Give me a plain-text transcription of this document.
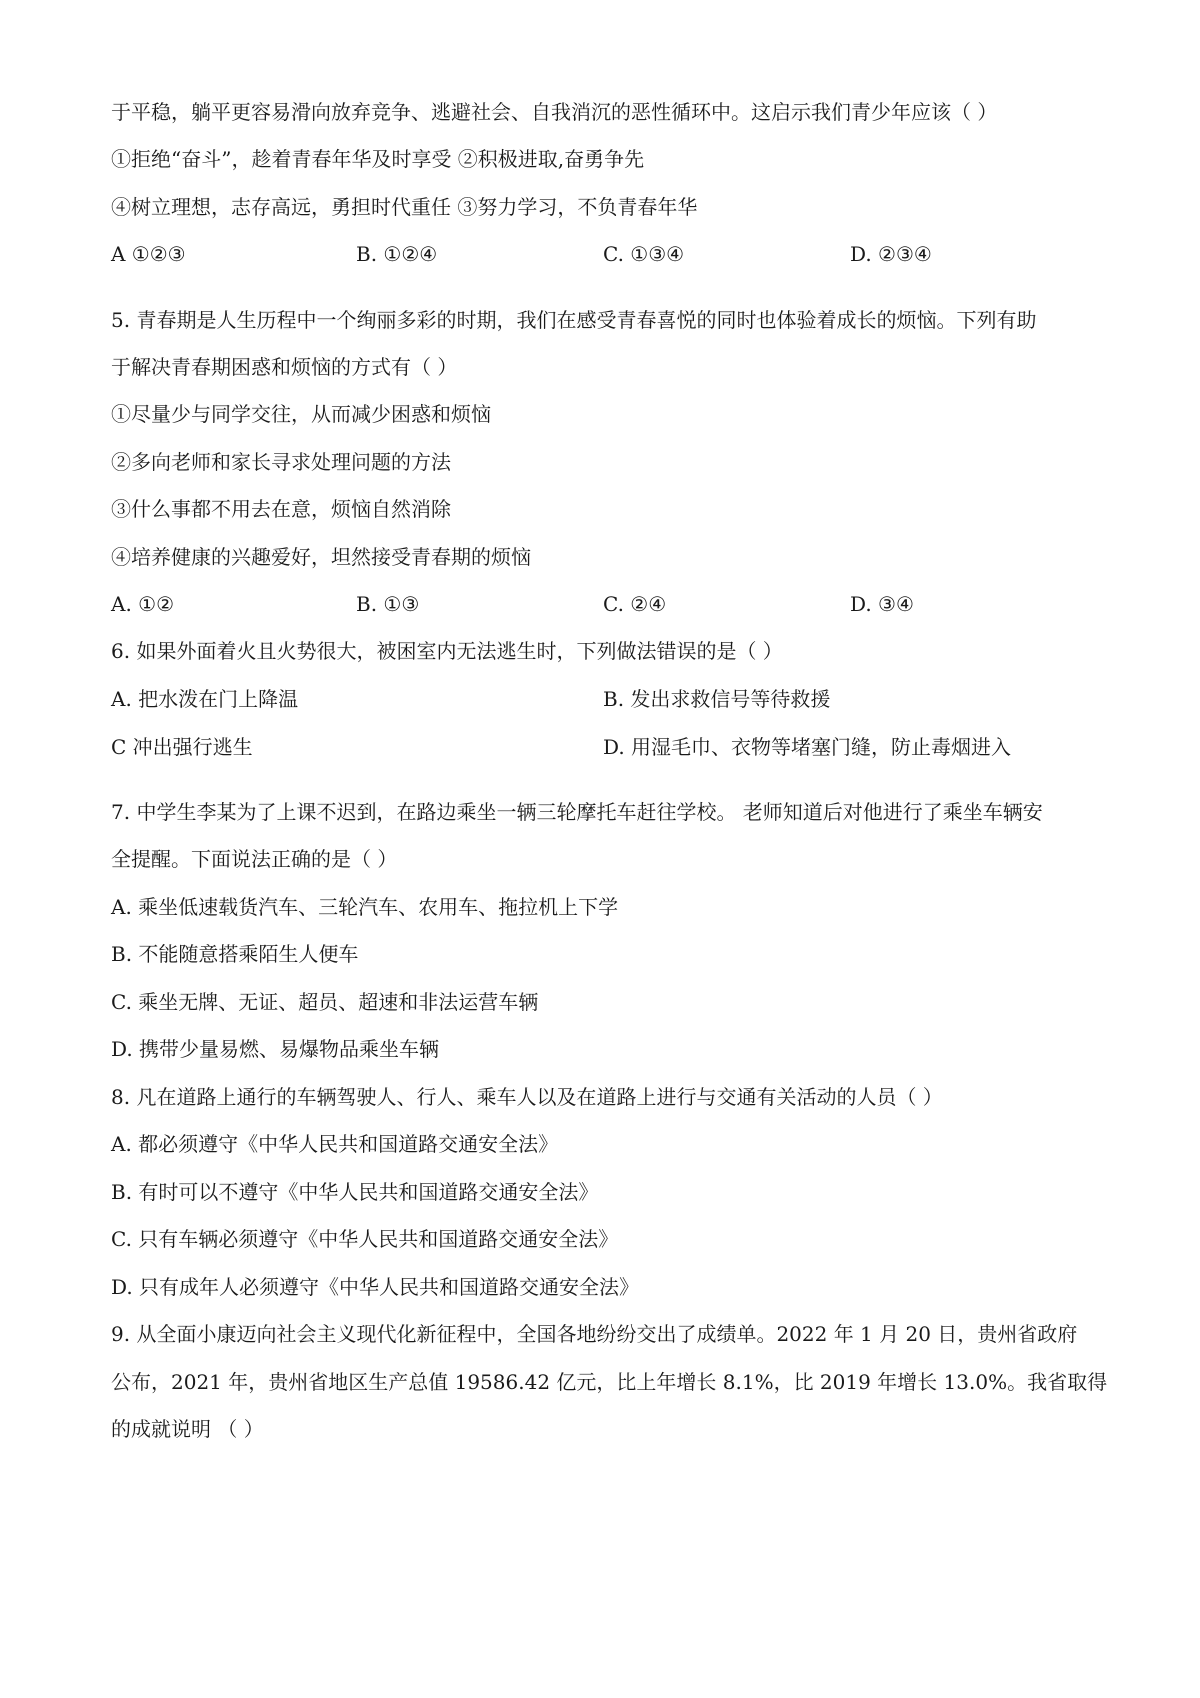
于平稳，躺平更容易滑向放弃竞争、逃避社会、自我消沉的恶性循环中。这启示我们青少年应该（ ）
①拒绝“奋斗”，趁着青春年华及时享受 ②积极进取,奋勇争先
④树立理想，志存高远，勇担时代重任 ③努力学习，不负青春年华
A ①②③	B. ①②④	C. ①③④	D. ②③④
5. 青春期是人生历程中一个绚丽多彩的时期，我们在感受青春喜悦的同时也体验着成长的烦恼。下列有助
于解决青春期困惑和烦恼的方式有（ ）
①尽量少与同学交往，从而减少困惑和烦恼
②多向老师和家长寻求处理问题的方法
③什么事都不用去在意，烦恼自然消除
④培养健康的兴趣爱好，坦然接受青春期的烦恼
A. ①②	B. ①③	C. ②④	D. ③④
6. 如果外面着火且火势很大，被困室内无法逃生时，下列做法错误的是（ ）
A. 把水泼在门上降温	B. 发出求救信号等待救援
C 冲出强行逃生	D. 用湿毛巾、衣物等堵塞门缝，防止毒烟进入
7. 中学生李某为了上课不迟到，在路边乘坐一辆三轮摩托车赶往学校。 老师知道后对他进行了乘坐车辆安
全提醒。下面说法正确的是（ ）
A. 乘坐低速载货汽车、三轮汽车、农用车、拖拉机上下学
B. 不能随意搭乘陌生人便车
C. 乘坐无牌、无证、超员、超速和非法运营车辆
D. 携带少量易燃、易爆物品乘坐车辆
8. 凡在道路上通行的车辆驾驶人、行人、乘车人以及在道路上进行与交通有关活动的人员（ ）
A. 都必须遵守《中华人民共和国道路交通安全法》
B. 有时可以不遵守《中华人民共和国道路交通安全法》
C. 只有车辆必须遵守《中华人民共和国道路交通安全法》
D. 只有成年人必须遵守《中华人民共和国道路交通安全法》
9. 从全面小康迈向社会主义现代化新征程中，全国各地纷纷交出了成绩单。2022 年 1 月 20 日，贵州省政府
公布，2021 年，贵州省地区生产总值 19586.42 亿元，比上年增长 8.1%，比 2019 年增长 13.0%。我省取得
的成就说明 （ ）
